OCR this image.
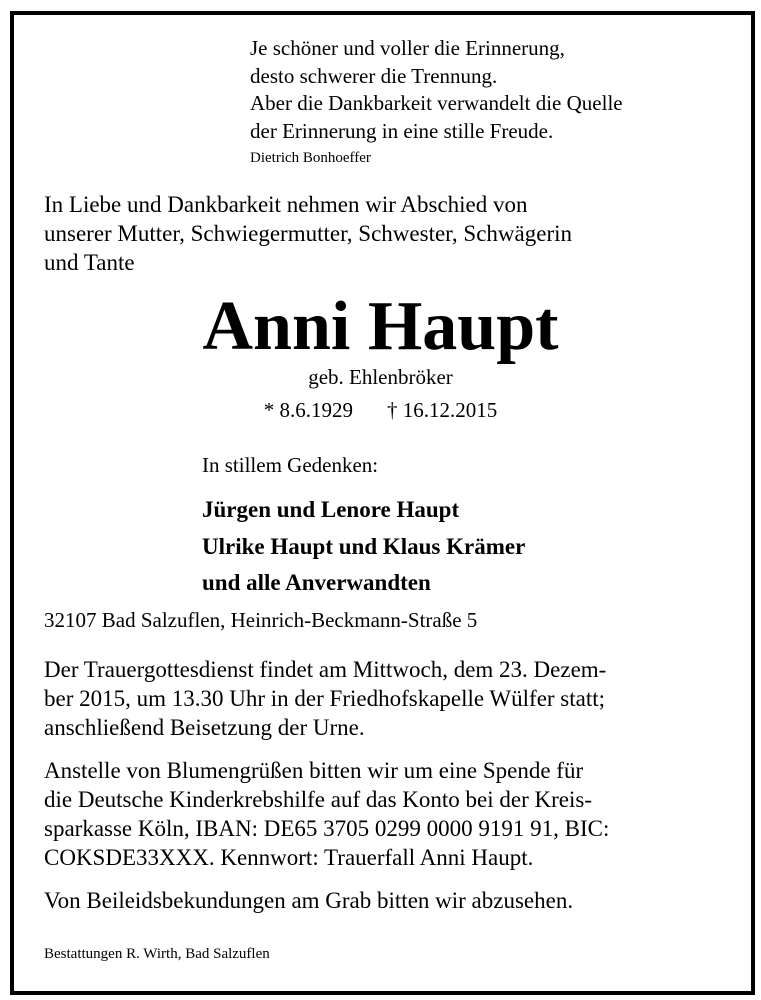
Je schöner und voller die Erinnerung,
desto schwerer die Trennung.
Aber die Dankbarkeit verwandelt die Quelle
der Erinnerung in eine stille Freude.
Dietrich Bonhoeffer
In Liebe und Dankbarkeit nehmen wir Abschied von
unserer Mutter, Schwiegermutter, Schwester, Schwägerin
und Tante
Anni Haupt
geb. Ehlenbröker
* 8.6.1929 † 16.12.2015
In stillem Gedenken:
Jürgen und Lenore Haupt
Ulrike Haupt und Klaus Krämer
und alle Anverwandten
32107 Bad Salzuflen, Heinrich-Beckmann-Straße 5
Der Trauergottesdienst findet am Mittwoch, dem 23. Dezem-
ber 2015, um 13.30 Uhr in der Friedhofskapelle Wülfer statt;
anschließend Beisetzung der Urne.
Anstelle von Blumengrüßen bitten wir um eine Spende für
die Deutsche Kinderkrebshilfe auf das Konto bei der Kreis-
sparkasse Köln, IBAN: DE65 3705 0299 0000 9191 91, BIC:
COKSDE33XXX. Kennwort: Trauerfall Anni Haupt.
Von Beileidsbekundungen am Grab bitten wir abzusehen.
Bestattungen R. Wirth, Bad Salzuflen
